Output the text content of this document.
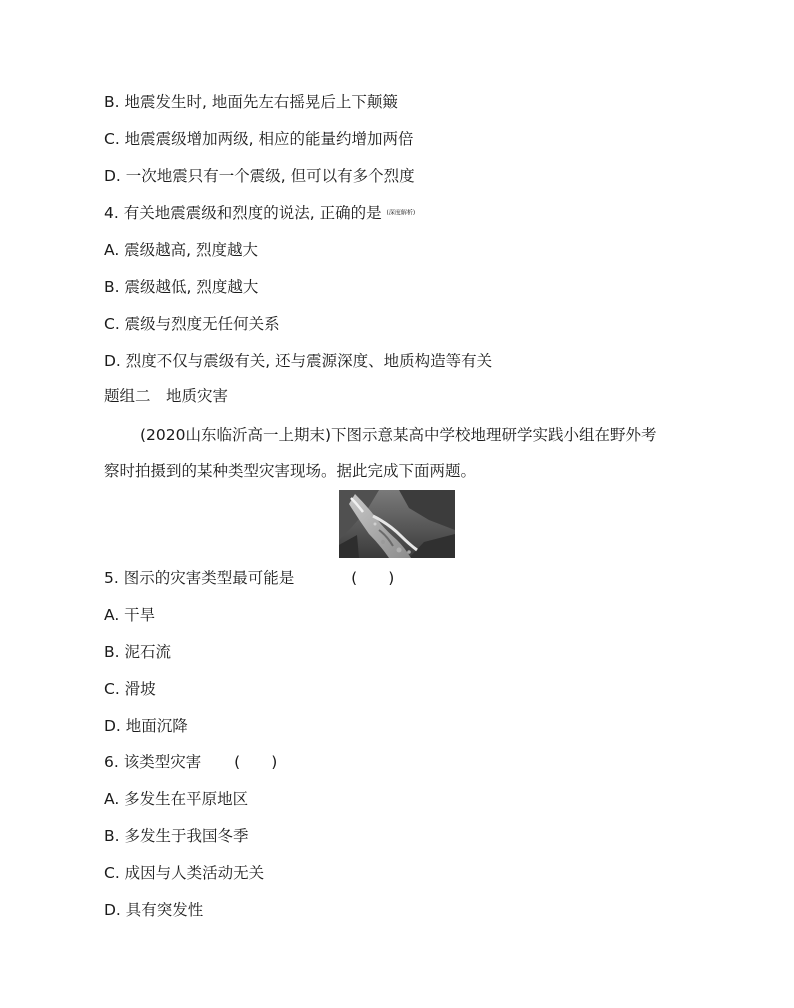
B. 地震发生时, 地面先左右摇晃后上下颠簸
C. 地震震级增加两级, 相应的能量约增加两倍
D. 一次地震只有一个震级, 但可以有多个烈度
4. 有关地震震级和烈度的说法, 正确的是 (深度解析)
A. 震级越高, 烈度越大
B. 震级越低, 烈度越大
C. 震级与烈度无任何关系
D. 烈度不仅与震级有关, 还与震源深度、地质构造等有关
题组二　地质灾害
(2020山东临沂高一上期末)下图示意某高中学校地理研学实践小组在野外考
察时拍摄到的某种类型灾害现场。据此完成下面两题。
5. 图示的灾害类型最可能是	(　　)
A. 干旱
B. 泥石流
C. 滑坡
D. 地面沉降
6. 该类型灾害 (　　)
A. 多发生在平原地区
B. 多发生于我国冬季
C. 成因与人类活动无关
D. 具有突发性
